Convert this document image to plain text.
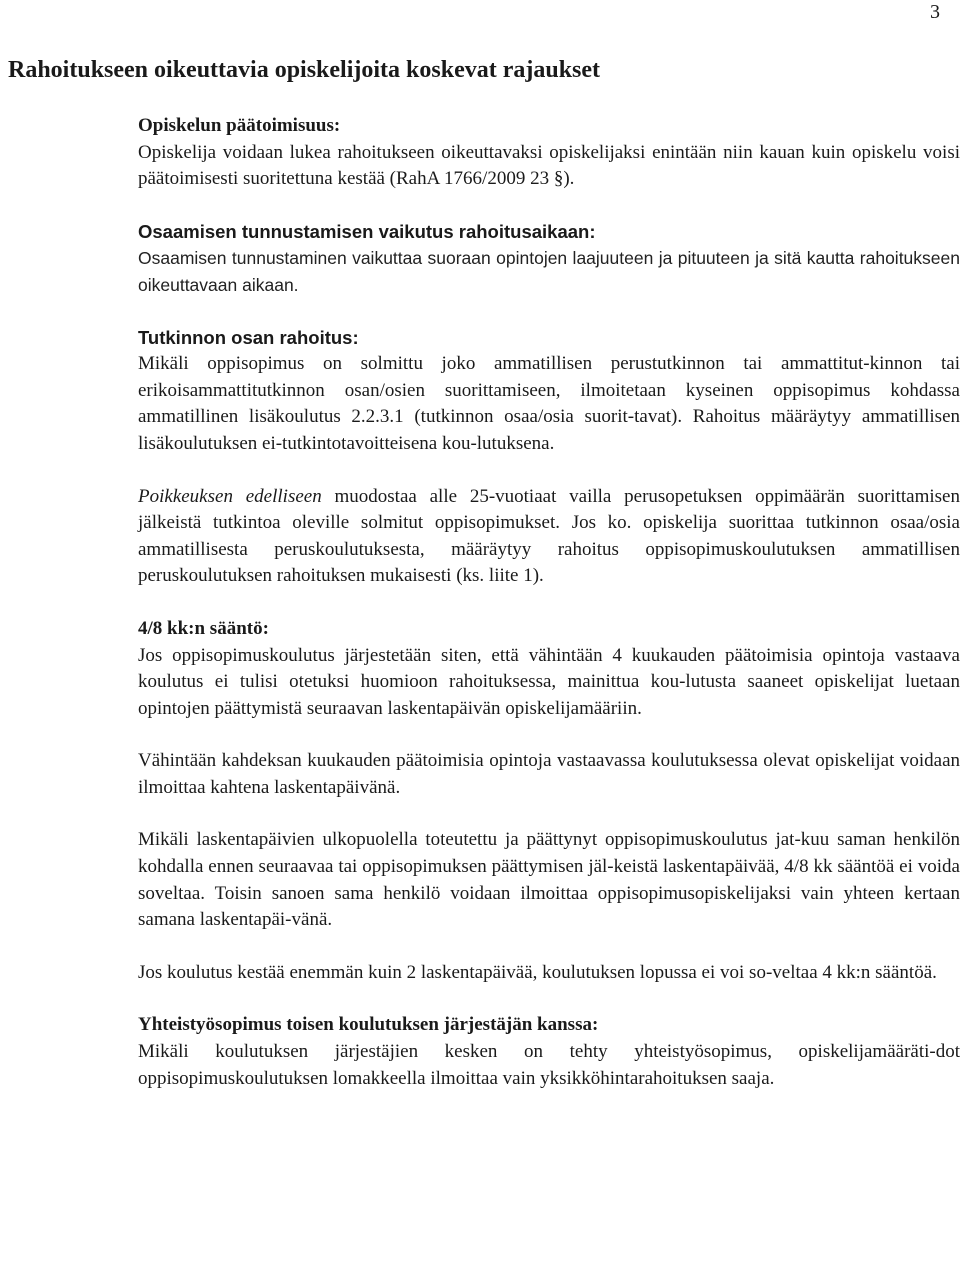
3
Rahoitukseen oikeuttavia opiskelijoita koskevat rajaukset

Opiskelun päätoimisuus:
Opiskelija voidaan lukea rahoitukseen oikeuttavaksi opiskelijaksi enintään niin kauan kuin opiskelu voisi päätoimisesti suoritettuna kestää (RahA 1766/2009 23 §).

Osaamisen tunnustamisen vaikutus rahoitusaikaan:
Osaamisen tunnustaminen vaikuttaa suoraan opintojen laajuuteen ja pituuteen ja sitä kautta rahoitukseen oikeuttavaan aikaan.

Tutkinnon osan rahoitus:
Mikäli oppisopimus on solmittu joko ammatillisen perustutkinnon tai ammattitut-kinnon tai erikoisammattitutkinnon osan/osien suorittamiseen, ilmoitetaan kyseinen oppisopimus kohdassa ammatillinen lisäkoulutus 2.2.3.1 (tutkinnon osaa/osia suorit-tavat). Rahoitus määräytyy ammatillisen lisäkoulutuksen ei-tutkintotavoitteisena kou-lutuksena.

Poikkeuksen edelliseen muodostaa alle 25-vuotiaat vailla perusopetuksen oppimäärän suorittamisen jälkeistä tutkintoa oleville solmitut oppisopimukset. Jos ko. opiskelija suorittaa tutkinnon osaa/osia ammatillisesta peruskoulutuksesta, määräytyy rahoitus oppisopimuskoulutuksen ammatillisen peruskoulutuksen rahoituksen mukaisesti (ks. liite 1).

4/8 kk:n sääntö:
Jos oppisopimuskoulutus järjestetään siten, että vähintään 4 kuukauden päätoimisia opintoja vastaava koulutus ei tulisi otetuksi huomioon rahoituksessa, mainittua kou-lutusta saaneet opiskelijat luetaan opintojen päättymistä seuraavan laskentapäivän opiskelijamääriin.

Vähintään kahdeksan kuukauden päätoimisia opintoja vastaavassa koulutuksessa olevat opiskelijat voidaan ilmoittaa kahtena laskentapäivänä.

Mikäli laskentapäivien ulkopuolella toteutettu ja päättynyt oppisopimuskoulutus jat-kuu saman henkilön kohdalla ennen seuraavaa tai oppisopimuksen päättymisen jäl-keistä laskentapäivää, 4/8 kk sääntöä ei voida soveltaa. Toisin sanoen sama henkilö voidaan ilmoittaa oppisopimusopiskelijaksi vain yhteen kertaan samana laskentapäi-vänä.

Jos koulutus kestää enemmän kuin 2 laskentapäivää, koulutuksen lopussa ei voi so-veltaa 4 kk:n sääntöä.

Yhteistyösopimus toisen koulutuksen järjestäjän kanssa:
Mikäli koulutuksen järjestäjien kesken on tehty yhteistyösopimus, opiskelijamääräti-dot oppisopimuskoulutuksen lomakkeella ilmoittaa vain yksikköhintarahoituksen saaja.
